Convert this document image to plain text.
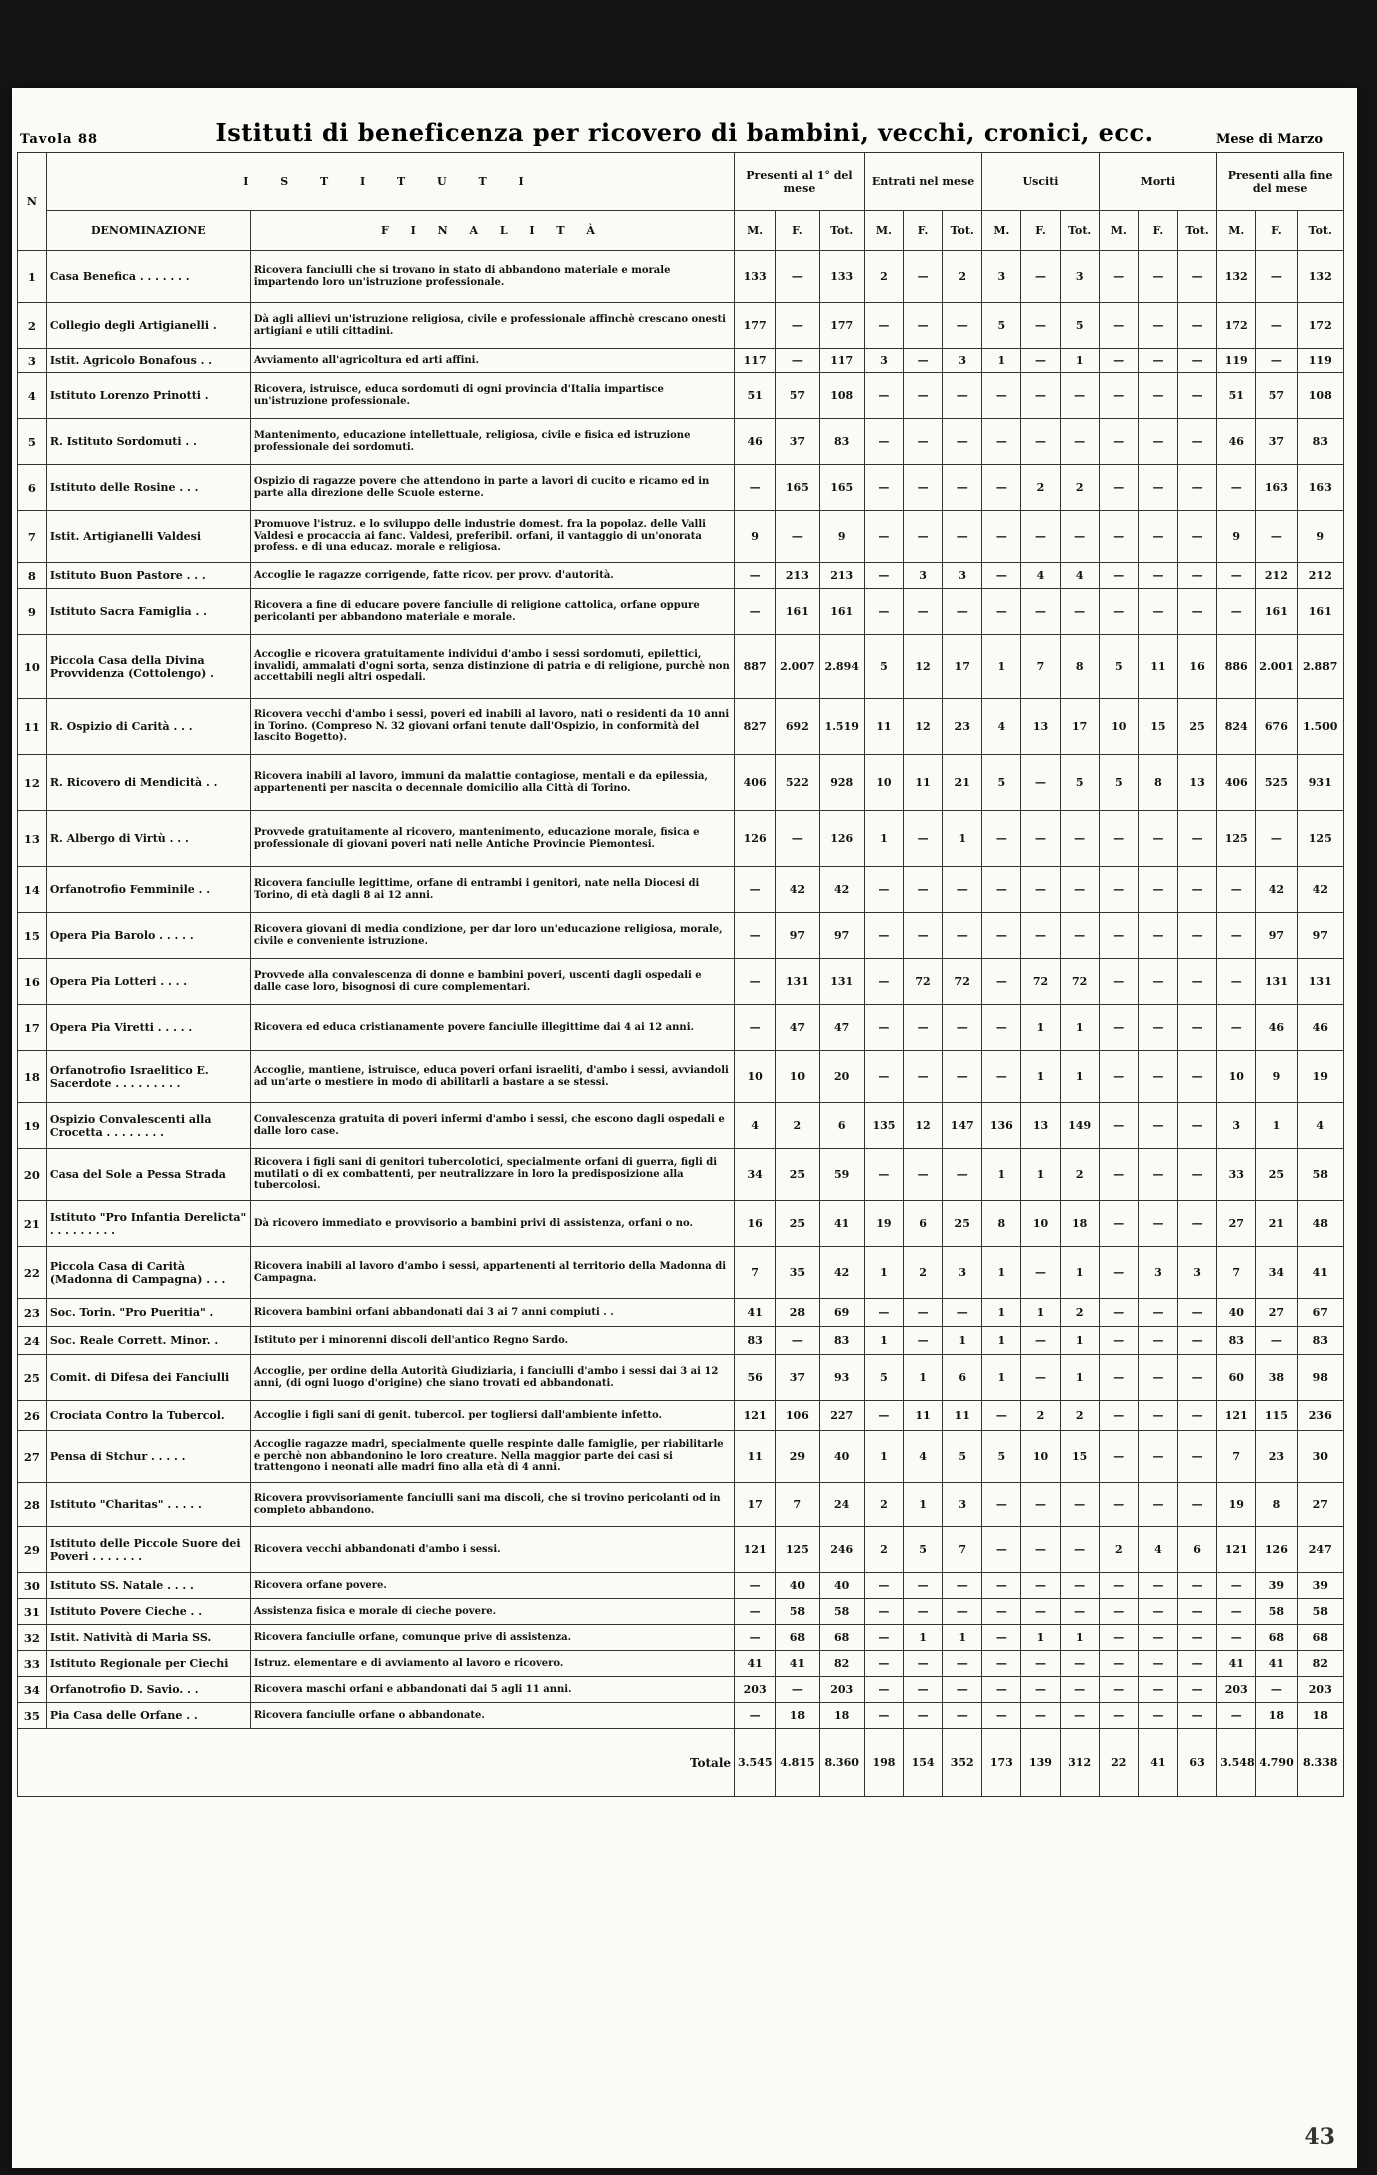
Tavola 88	Istituti di beneficenza per ricovero di bambini, vecchi, cronici, ecc.	Mese di Marzo
N	I S T I T U T I		Presenti al 1° del mese			Entrati nel mese			Usciti			Morti			Presenti alla fine del mese		
	DENOMINAZIONE	F I N A L I T À	M.	F.	Tot.	M.	F.	Tot.	M.	F.	Tot.	M.	F.	Tot.	M.	F.	Tot.
1	Casa Benefica . . . . . . .	Ricovera fanciulli che si trovano in stato di abbandono materiale e morale impartendo loro un'istruzione professionale.	133	—	133	2	—	2	3	—	3	—	—	—	132	—	132
2	Collegio degli Artigianelli .	Dà agli allievi un'istruzione religiosa, civile e professionale affinchè crescano onesti artigiani e utili cittadini.	177	—	177	—	—	—	5	—	5	—	—	—	172	—	172
3	Istit. Agricolo Bonafous . .	Avviamento all'agricoltura ed arti affini.	117	—	117	3	—	3	1	—	1	—	—	—	119	—	119
4	Istituto Lorenzo Prinotti .	Ricovera, istruisce, educa sordomuti di ogni provincia d'Italia impartisce un'istruzione professionale.	51	57	108	—	—	—	—	—	—	—	—	—	51	57	108
5	R. Istituto Sordomuti . .	Mantenimento, educazione intellettuale, religiosa, civile e fisica ed istruzione professionale dei sordomuti.	46	37	83	—	—	—	—	—	—	—	—	—	46	37	83
6	Istituto delle Rosine . . .	Ospizio di ragazze povere che attendono in parte a lavori di cucito e ricamo ed in parte alla direzione delle Scuole esterne.	—	165	165	—	—	—	—	2	2	—	—	—	—	163	163
7	Istit. Artigianelli Valdesi	Promuove l'istruz. e lo sviluppo delle industrie domest. fra la popolaz. delle Valli Valdesi e procaccia ai fanc. Valdesi, preferibil. orfani, il vantaggio di un'onorata profess. e di una educaz. morale e religiosa.	9	—	9	—	—	—	—	—	—	—	—	—	9	—	9
8	Istituto Buon Pastore . . .	Accoglie le ragazze corrigende, fatte ricov. per provv. d'autorità.	—	213	213	—	3	3	—	4	4	—	—	—	—	212	212
9	Istituto Sacra Famiglia . .	Ricovera a fine di educare povere fanciulle di religione cattolica, orfane oppure pericolanti per abbandono materiale e morale.	—	161	161	—	—	—	—	—	—	—	—	—	—	161	161
10	Piccola Casa della Divina Provvidenza (Cottolengo) .	Accoglie e ricovera gratuitamente individui d'ambo i sessi sordomuti, epilettici, invalidi, ammalati d'ogni sorta, senza distinzione di patria e di religione, purchè non accettabili negli altri ospedali.	887	2.007	2.894	5	12	17	1	7	8	5	11	16	886	2.001	2.887
11	R. Ospizio di Carità . . .	Ricovera vecchi d'ambo i sessi, poveri ed inabili al lavoro, nati o residenti da 10 anni in Torino. (Compreso N. 32 giovani orfani tenute dall'Ospizio, in conformità del lascito Bogetto).	827	692	1.519	11	12	23	4	13	17	10	15	25	824	676	1.500
12	R. Ricovero di Mendicità . .	Ricovera inabili al lavoro, immuni da malattie contagiose, mentali e da epilessia, appartenenti per nascita o decennale domicilio alla Città di Torino.	406	522	928	10	11	21	5	—	5	5	8	13	406	525	931
13	R. Albergo di Virtù . . .	Provvede gratuitamente al ricovero, mantenimento, educazione morale, fisica e professionale di giovani poveri nati nelle Antiche Provincie Piemontesi.	126	—	126	1	—	1	—	—	—	—	—	—	125	—	125
14	Orfanotrofio Femminile . .	Ricovera fanciulle legittime, orfane di entrambi i genitori, nate nella Diocesi di Torino, di età dagli 8 ai 12 anni.	—	42	42	—	—	—	—	—	—	—	—	—	—	42	42
15	Opera Pia Barolo . . . . .	Ricovera giovani di media condizione, per dar loro un'educazione religiosa, morale, civile e conveniente istruzione.	—	97	97	—	—	—	—	—	—	—	—	—	—	97	97
16	Opera Pia Lotteri . . . .	Provvede alla convalescenza di donne e bambini poveri, uscenti dagli ospedali e dalle case loro, bisognosi di cure complementari.	—	131	131	—	72	72	—	72	72	—	—	—	—	131	131
17	Opera Pia Viretti . . . . .	Ricovera ed educa cristianamente povere fanciulle illegittime dai 4 ai 12 anni.	—	47	47	—	—	—	—	1	1	—	—	—	—	46	46
18	Orfanotrofio Israelitico E. Sacerdote . . . . . . . . .	Accoglie, mantiene, istruisce, educa poveri orfani israeliti, d'ambo i sessi, avviandoli ad un'arte o mestiere in modo di abilitarli a bastare a se stessi.	10	10	20	—	—	—	—	1	1	—	—	—	10	9	19
19	Ospizio Convalescenti alla Crocetta . . . . . . . .	Convalescenza gratuita di poveri infermi d'ambo i sessi, che escono dagli ospedali e dalle loro case.	4	2	6	135	12	147	136	13	149	—	—	—	3	1	4
20	Casa del Sole a Pessa Strada	Ricovera i figli sani di genitori tubercolotici, specialmente orfani di guerra, figli di mutilati o di ex combattenti, per neutralizzare in loro la predisposizione alla tubercolosi.	34	25	59	—	—	—	1	1	2	—	—	—	33	25	58
21	Istituto "Pro Infantia Derelicta" . . . . . . . . .	Dà ricovero immediato e provvisorio a bambini privi di assistenza, orfani o no.	16	25	41	19	6	25	8	10	18	—	—	—	27	21	48
22	Piccola Casa di Carità (Madonna di Campagna) . . .	Ricovera inabili al lavoro d'ambo i sessi, appartenenti al territorio della Madonna di Campagna.	7	35	42	1	2	3	1	—	1	—	3	3	7	34	41
23	Soc. Torin. "Pro Pueritia" .	Ricovera bambini orfani abbandonati dai 3 ai 7 anni compiuti . .	41	28	69	—	—	—	1	1	2	—	—	—	40	27	67
24	Soc. Reale Corrett. Minor. .	Istituto per i minorenni discoli dell'antico Regno Sardo.	83	—	83	1	—	1	1	—	1	—	—	—	83	—	83
25	Comit. di Difesa dei Fanciulli	Accoglie, per ordine della Autorità Giudiziaria, i fanciulli d'ambo i sessi dai 3 ai 12 anni, (di ogni luogo d'origine) che siano trovati ed abbandonati.	56	37	93	5	1	6	1	—	1	—	—	—	60	38	98
26	Crociata Contro la Tubercol.	Accoglie i figli sani di genit. tubercol. per togliersi dall'ambiente infetto.	121	106	227	—	11	11	—	2	2	—	—	—	121	115	236
27	Pensa di Stchur . . . . .	Accoglie ragazze madri, specialmente quelle respinte dalle famiglie, per riabilitarle e perchè non abbandonino le loro creature. Nella maggior parte dei casi si trattengono i neonati alle madri fino alla età di 4 anni.	11	29	40	1	4	5	5	10	15	—	—	—	7	23	30
28	Istituto "Charitas" . . . . .	Ricovera provvisoriamente fanciulli sani ma discoli, che si trovino pericolanti od in completo abbandono.	17	7	24	2	1	3	—	—	—	—	—	—	19	8	27
29	Istituto delle Piccole Suore dei Poveri . . . . . . .	Ricovera vecchi abbandonati d'ambo i sessi.	121	125	246	2	5	7	—	—	—	2	4	6	121	126	247
30	Istituto SS. Natale . . . .	Ricovera orfane povere.	—	40	40	—	—	—	—	—	—	—	—	—	—	39	39
31	Istituto Povere Cieche . .	Assistenza fisica e morale di cieche povere.	—	58	58	—	—	—	—	—	—	—	—	—	—	58	58
32	Istit. Natività di Maria SS.	Ricovera fanciulle orfane, comunque prive di assistenza.	—	68	68	—	1	1	—	1	1	—	—	—	—	68	68
33	Istituto Regionale per Ciechi	Istruz. elementare e di avviamento al lavoro e ricovero.	41	41	82	—	—	—	—	—	—	—	—	—	41	41	82
34	Orfanotrofio D. Savio. . .	Ricovera maschi orfani e abbandonati dai 5 agli 11 anni.	203	—	203	—	—	—	—	—	—	—	—	—	203	—	203
35	Pia Casa delle Orfane . .	Ricovera fanciulle orfane o abbandonate.	—	18	18	—	—	—	—	—	—	—	—	—	—	18	18
Totale			3.545	4.815	8.360	198	154	352	173	139	312	22	41	63	3.548	4.790	8.338
43
